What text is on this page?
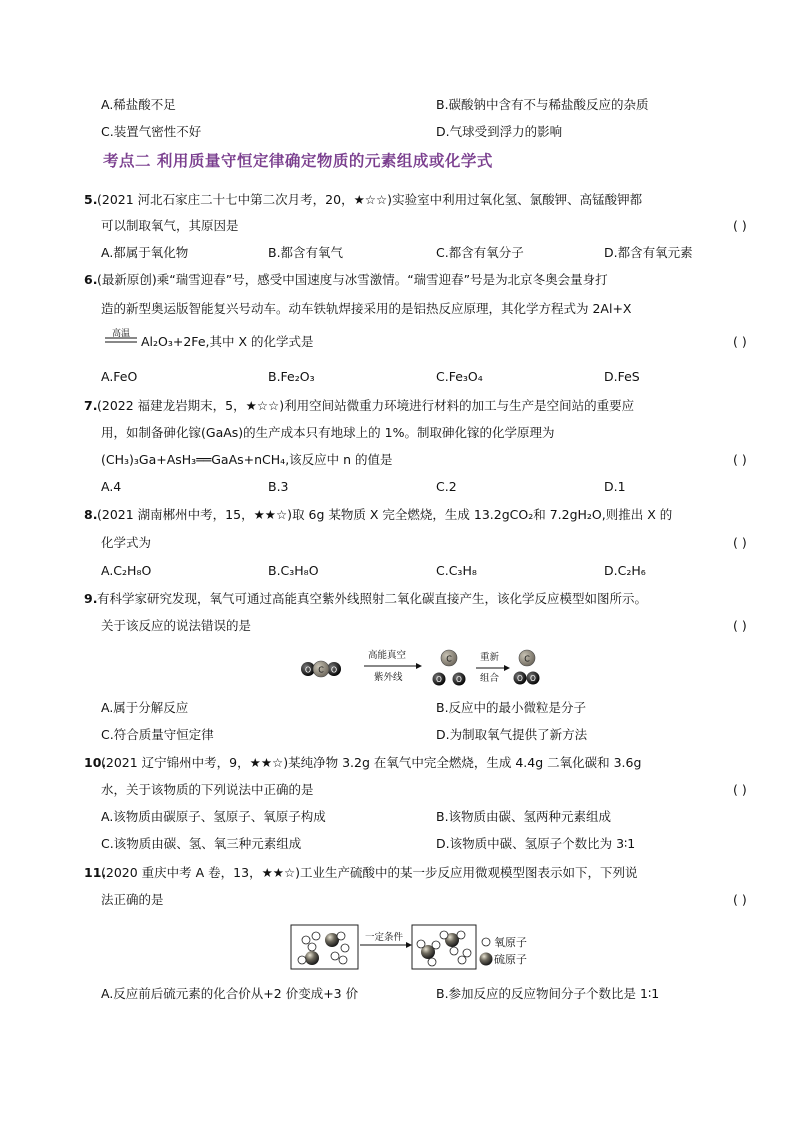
A.稀盐酸不足	B.碳酸钠中含有不与稀盐酸反应的杂质
C.装置气密性不好	D.气球受到浮力的影响
考点二 利用质量守恒定律确定物质的元素组成或化学式
5. (2021 河北石家庄二十七中第二次月考，20，★☆☆)实验室中利用过氧化氢、氯酸钾、高锰酸钾都
可以制取氧气，其原因是	( )
A.都属于氧化物	B.都含有氧气	C.都含有氧分子	D.都含有氧元素
6. (最新原创)乘“瑞雪迎春”号，感受中国速度与冰雪激情。“瑞雪迎春”号是为北京冬奥会量身打
造的新型奥运版智能复兴号动车。动车铁轨焊接采用的是铝热反应原理，其化学方程式为 2Al+X
高温 Al₂O₃+2Fe,其中 X 的化学式是	( )
A.FeO	B.Fe₂O₃	C.Fe₃O₄	D.FeS
7. (2022 福建龙岩期末，5，★☆☆)利用空间站微重力环境进行材料的加工与生产是空间站的重要应
用，如制备砷化镓(GaAs)的生产成本只有地球上的 1%。制取砷化镓的化学原理为
(CH₃)₃Ga+AsH₃══GaAs+nCH₄,该反应中 n 的值是	( )
A.4	B.3	C.2	D.1
8. (2021 湖南郴州中考，15，★★☆)取 6g 某物质 X 完全燃烧，生成 13.2gCO₂和 7.2gH₂O,则推出 X 的
化学式为	( )
A.C₂H₈O	B.C₃H₈O	C.C₃H₈	D.C₂H₆
9. 有科学家研究发现，氧气可通过高能真空紫外线照射二氧化碳直接产生，该化学反应模型如图所示。
关于该反应的说法错误的是	( )
O O
C
高能真空
紫外线
C
O O
重新
组合
C
O O
A.属于分解反应	B.反应中的最小微粒是分子
C.符合质量守恒定律	D.为制取氧气提供了新方法
10.
(2021 辽宁锦州中考，9，★★☆)某纯净物 3.2g 在氧气中完全燃烧，生成 4.4g 二氧化碳和 3.6g
水，关于该物质的下列说法中正确的是	( )
A.该物质由碳原子、氢原子、氧原子构成	B.该物质由碳、氢两种元素组成
C.该物质由碳、氢、氧三种元素组成	D.该物质中碳、氢原子个数比为 3∶1
11.
(2020 重庆中考 A 卷，13，★★☆)工业生产硫酸中的某一步反应用微观模型图表示如下，下列说
法正确的是	( )
一定条件	氧原子
硫原子
A.反应前后硫元素的化合价从+2 价变成+3 价	B.参加反应的反应物间分子个数比是 1∶1
